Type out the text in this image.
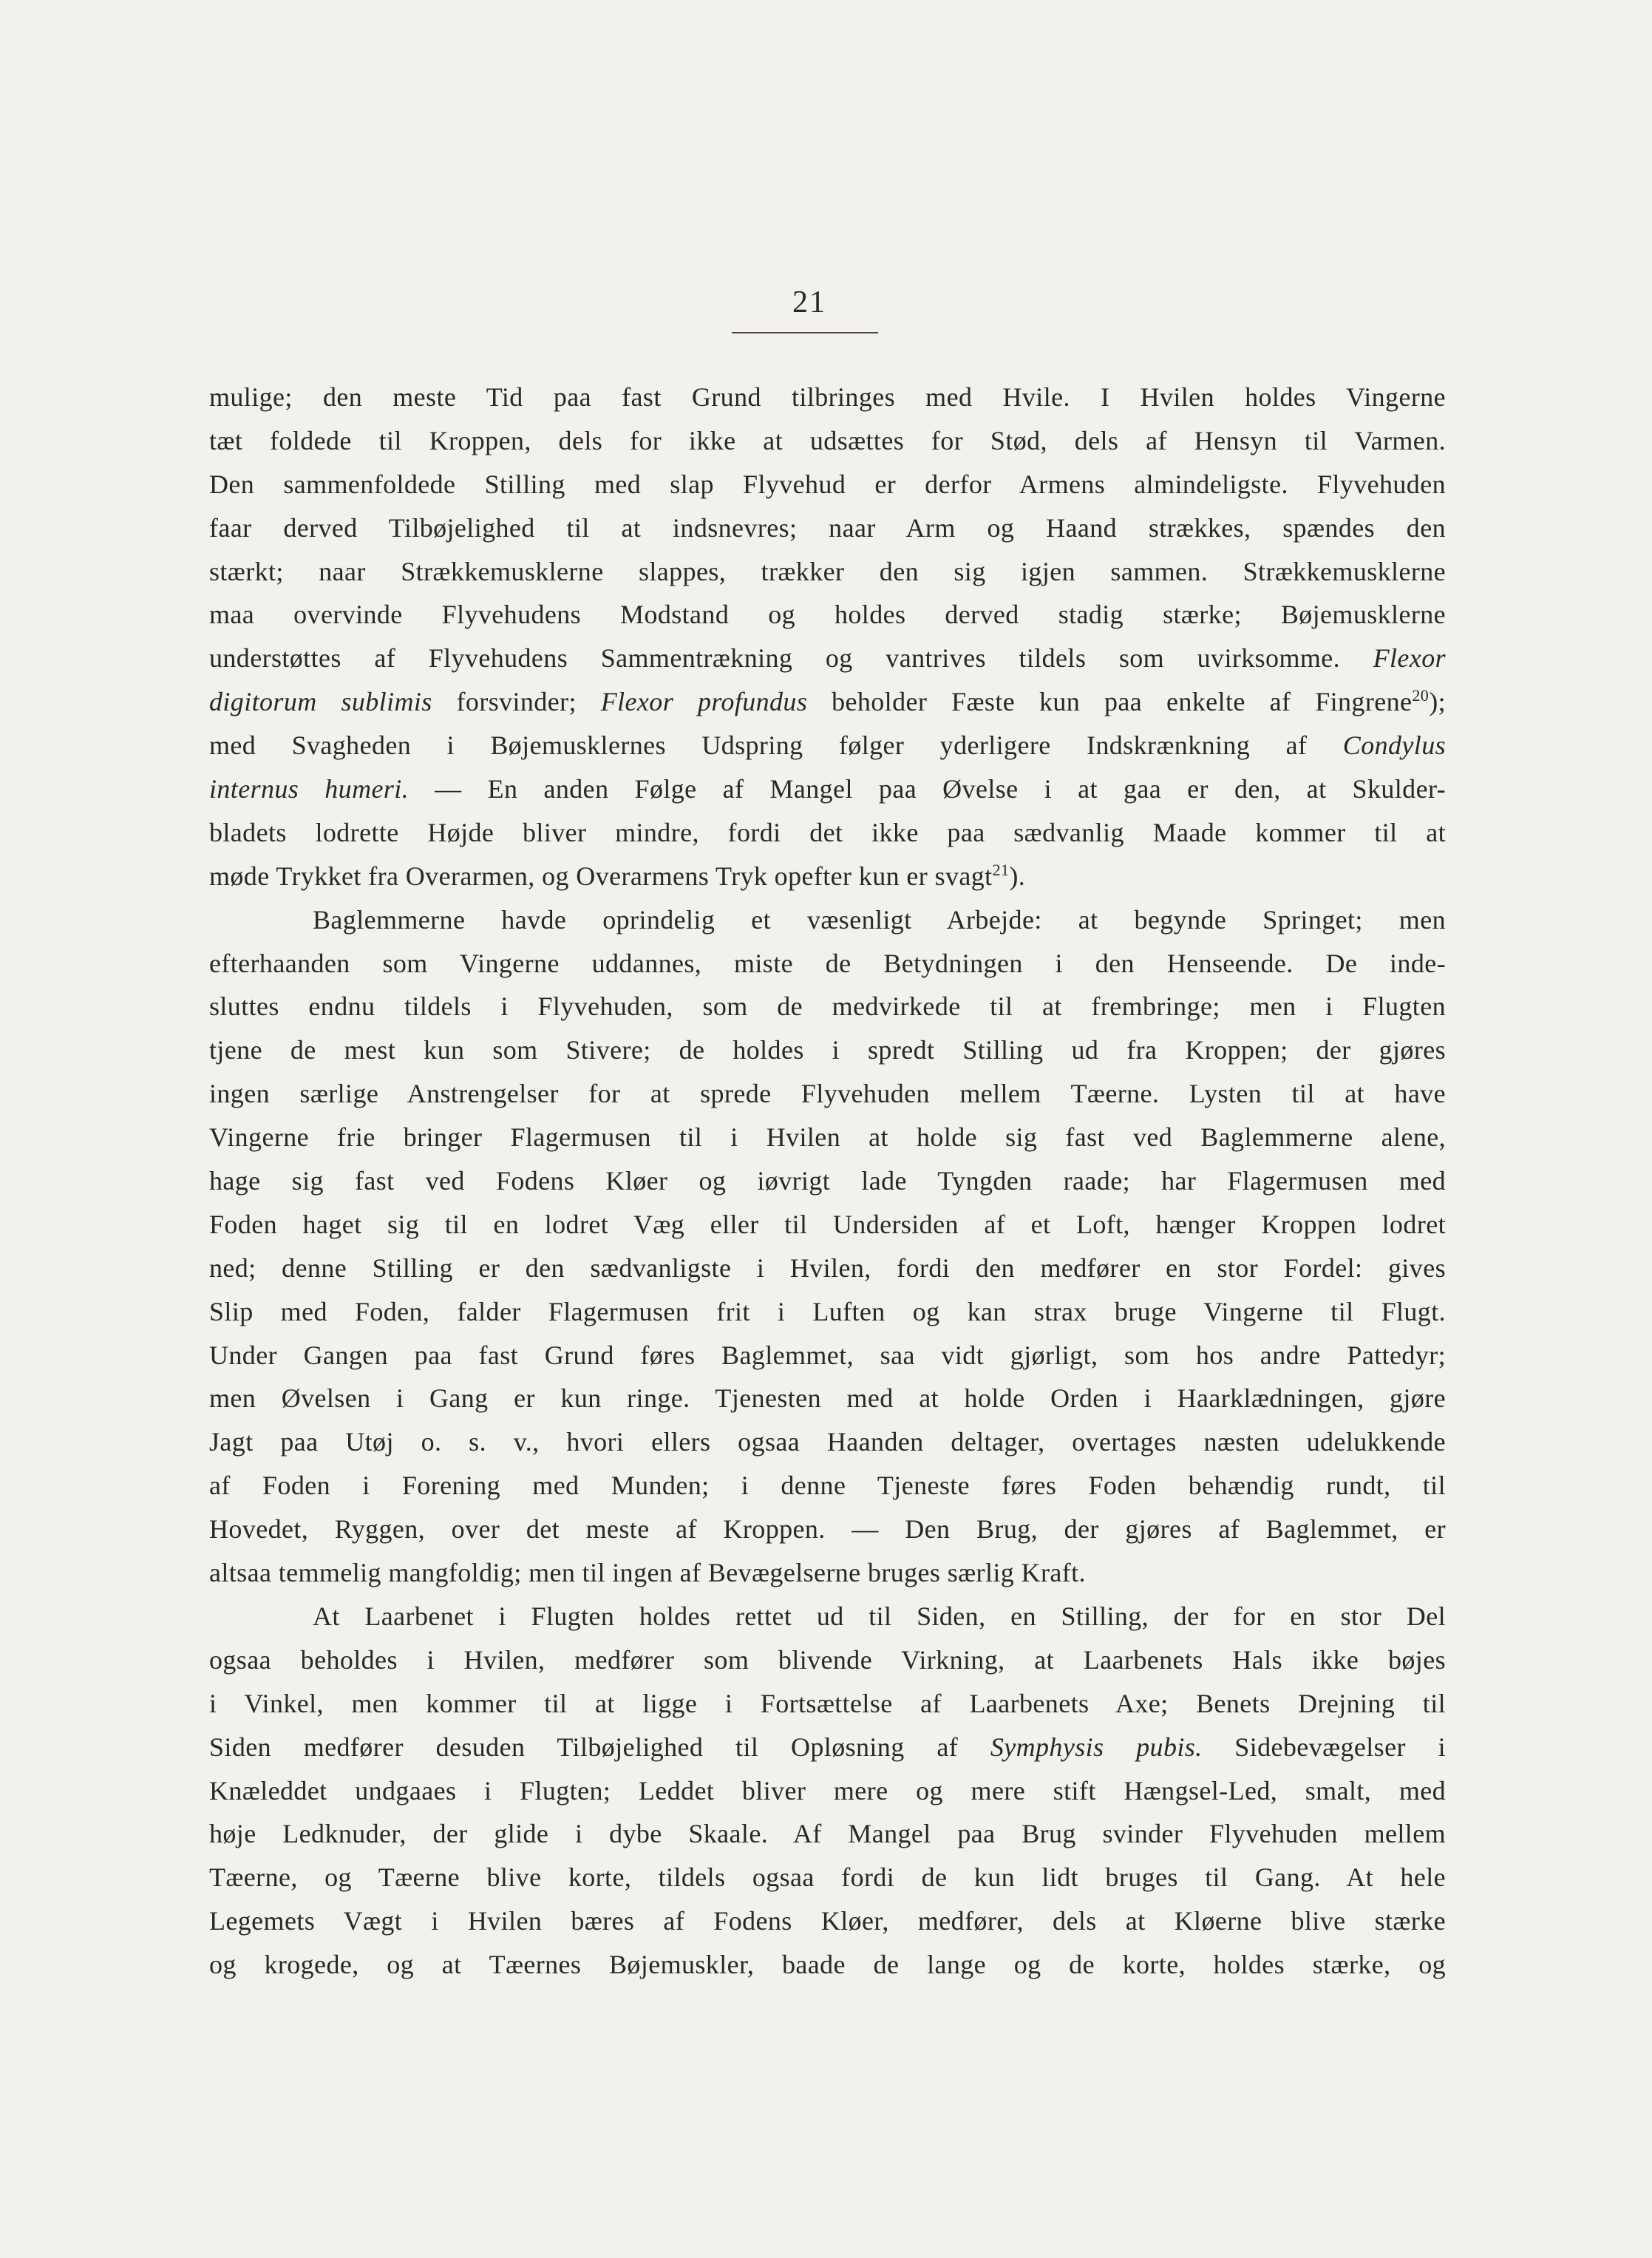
21
mulige; den meste Tid paa fast Grund tilbringes med Hvile. I Hvilen holdes Vingerne
tæt foldede til Kroppen, dels for ikke at udsættes for Stød, dels af Hensyn til Varmen.
Den sammenfoldede Stilling med slap Flyvehud er derfor Armens almindeligste. Flyvehuden
faar derved Tilbøjelighed til at indsnevres; naar Arm og Haand strækkes, spændes den
stærkt; naar Strækkemusklerne slappes, trækker den sig igjen sammen. Strækkemusklerne
maa overvinde Flyvehudens Modstand og holdes derved stadig stærke; Bøjemusklerne
understøttes af Flyvehudens Sammentrækning og vantrives tildels som uvirksomme. Flexor
digitorum sublimis forsvinder; Flexor profundus beholder Fæste kun paa enkelte af Fingrene$^{20}$);
med Svagheden i Bøjemusklernes Udspring følger yderligere Indskrænkning af Condylus
internus humeri. — En anden Følge af Mangel paa Øvelse i at gaa er den, at Skulder-
bladets lodrette Højde bliver mindre, fordi det ikke paa sædvanlig Maade kommer til at
møde Trykket fra Overarmen, og Overarmens Tryk opefter kun er svagt$^{21}$).
Baglemmerne havde oprindelig et væsenligt Arbejde: at begynde Springet; men
efterhaanden som Vingerne uddannes, miste de Betydningen i den Henseende. De inde-
sluttes endnu tildels i Flyvehuden, som de medvirkede til at frembringe; men i Flugten
tjene de mest kun som Stivere; de holdes i spredt Stilling ud fra Kroppen; der gjøres
ingen særlige Anstrengelser for at sprede Flyvehuden mellem Tæerne. Lysten til at have
Vingerne frie bringer Flagermusen til i Hvilen at holde sig fast ved Baglemmerne alene,
hage sig fast ved Fodens Kløer og iøvrigt lade Tyngden raade; har Flagermusen med
Foden haget sig til en lodret Væg eller til Undersiden af et Loft, hænger Kroppen lodret
ned; denne Stilling er den sædvanligste i Hvilen, fordi den medfører en stor Fordel: gives
Slip med Foden, falder Flagermusen frit i Luften og kan strax bruge Vingerne til Flugt.
Under Gangen paa fast Grund føres Baglemmet, saa vidt gjørligt, som hos andre Pattedyr;
men Øvelsen i Gang er kun ringe. Tjenesten med at holde Orden i Haarklædningen, gjøre
Jagt paa Utøj o. s. v., hvori ellers ogsaa Haanden deltager, overtages næsten udelukkende
af Foden i Forening med Munden; i denne Tjeneste føres Foden behændig rundt, til
Hovedet, Ryggen, over det meste af Kroppen. — Den Brug, der gjøres af Baglemmet, er
altsaa temmelig mangfoldig; men til ingen af Bevægelserne bruges særlig Kraft.
At Laarbenet i Flugten holdes rettet ud til Siden, en Stilling, der for en stor Del
ogsaa beholdes i Hvilen, medfører som blivende Virkning, at Laarbenets Hals ikke bøjes
i Vinkel, men kommer til at ligge i Fortsættelse af Laarbenets Axe; Benets Drejning til
Siden medfører desuden Tilbøjelighed til Opløsning af Symphysis pubis. Sidebevægelser i
Knæleddet undgaaes i Flugten; Leddet bliver mere og mere stift Hængsel-Led, smalt, med
høje Ledknuder, der glide i dybe Skaale. Af Mangel paa Brug svinder Flyvehuden mellem
Tæerne, og Tæerne blive korte, tildels ogsaa fordi de kun lidt bruges til Gang. At hele
Legemets Vægt i Hvilen bæres af Fodens Kløer, medfører, dels at Kløerne blive stærke
og krogede, og at Tæernes Bøjemuskler, baade de lange og de korte, holdes stærke, og
